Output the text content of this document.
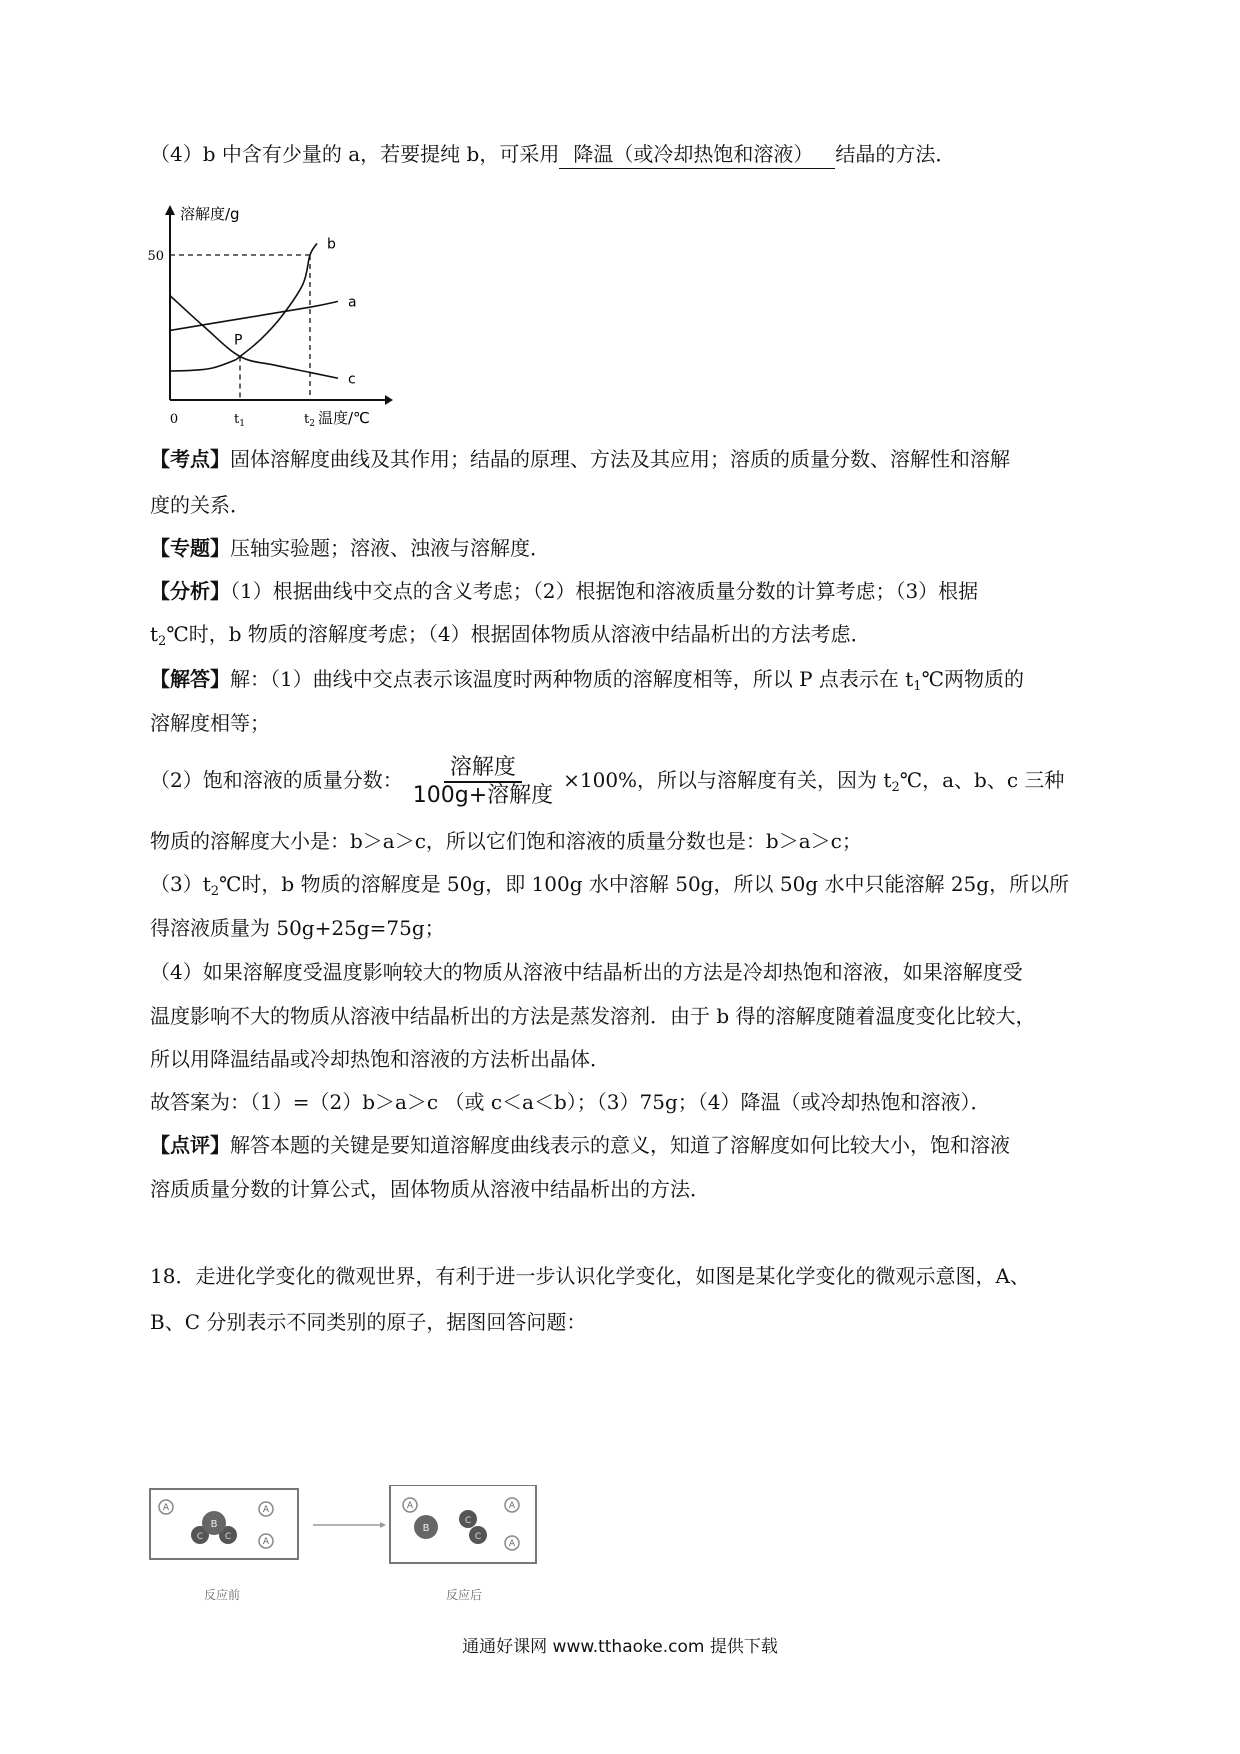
（4）b 中含有少量的 a，若要提纯 b，可采用 降温（或冷却热饱和溶液） 结晶的方法．
a
b
c
溶解度/g
温度/℃
50
0	$t_1$	$t_2$
P
【考点】固体溶解度曲线及其作用；结晶的原理、方法及其应用；溶质的质量分数、溶解性和溶解
度的关系．
【专题】压轴实验题；溶液、浊液与溶解度．
【分析】（1）根据曲线中交点的含义考虑；（2）根据饱和溶液质量分数的计算考虑；（3）根据
$t_2℃$时，b 物质的溶解度考虑；（4）根据固体物质从溶液中结晶析出的方法考虑．
【解答】解：（1）曲线中交点表示该温度时两种物质的溶解度相等，所以 P 点表示在 $t_1℃$两物质的
溶解度相等；
（2）饱和溶液的质量分数： $\frac{\text{溶解度}}{\text{100g+溶解度}} \times 100\%$，所以与溶解度有关，因为 $t_2℃$，a、b、c 三种
物质的溶解度大小是：b＞a＞c，所以它们饱和溶液的质量分数也是：b＞a＞c；
$(3)t_2℃$时，b 物质的溶解度是 50g，即 100g 水中溶解 50g，所以 50g 水中只能溶解 25g，所以所
得溶液质量为 50g+25g=75g；
（4）如果溶解度受温度影响较大的物质从溶液中结晶析出的方法是冷却热饱和溶液，如果溶解度受
温度影响不大的物质从溶液中结晶析出的方法是蒸发溶剂．由于 b 得的溶解度随着温度变化比较大，
所以用降温结晶或冷却热饱和溶液的方法析出晶体．
故答案为：（1）=（2）b＞a＞c （或 c＜a＜b）；（3）75g；（4）降温（或冷却热饱和溶液）．
【点评】解答本题的关键是要知道溶解度曲线表示的意义，知道了溶解度如何比较大小，饱和溶液
溶质质量分数的计算公式，固体物质从溶液中结晶析出的方法．
18．走进化学变化的微观世界，有利于进一步认识化学变化，如图是某化学变化的微观示意图，A、
B、C 分别表示不同类别的原子，据图回答问题：
A	A
A
C C
B
A	A
A
B
C
C
反应前	反应后
通通好课网 www.tthaoke.com 提供下载
